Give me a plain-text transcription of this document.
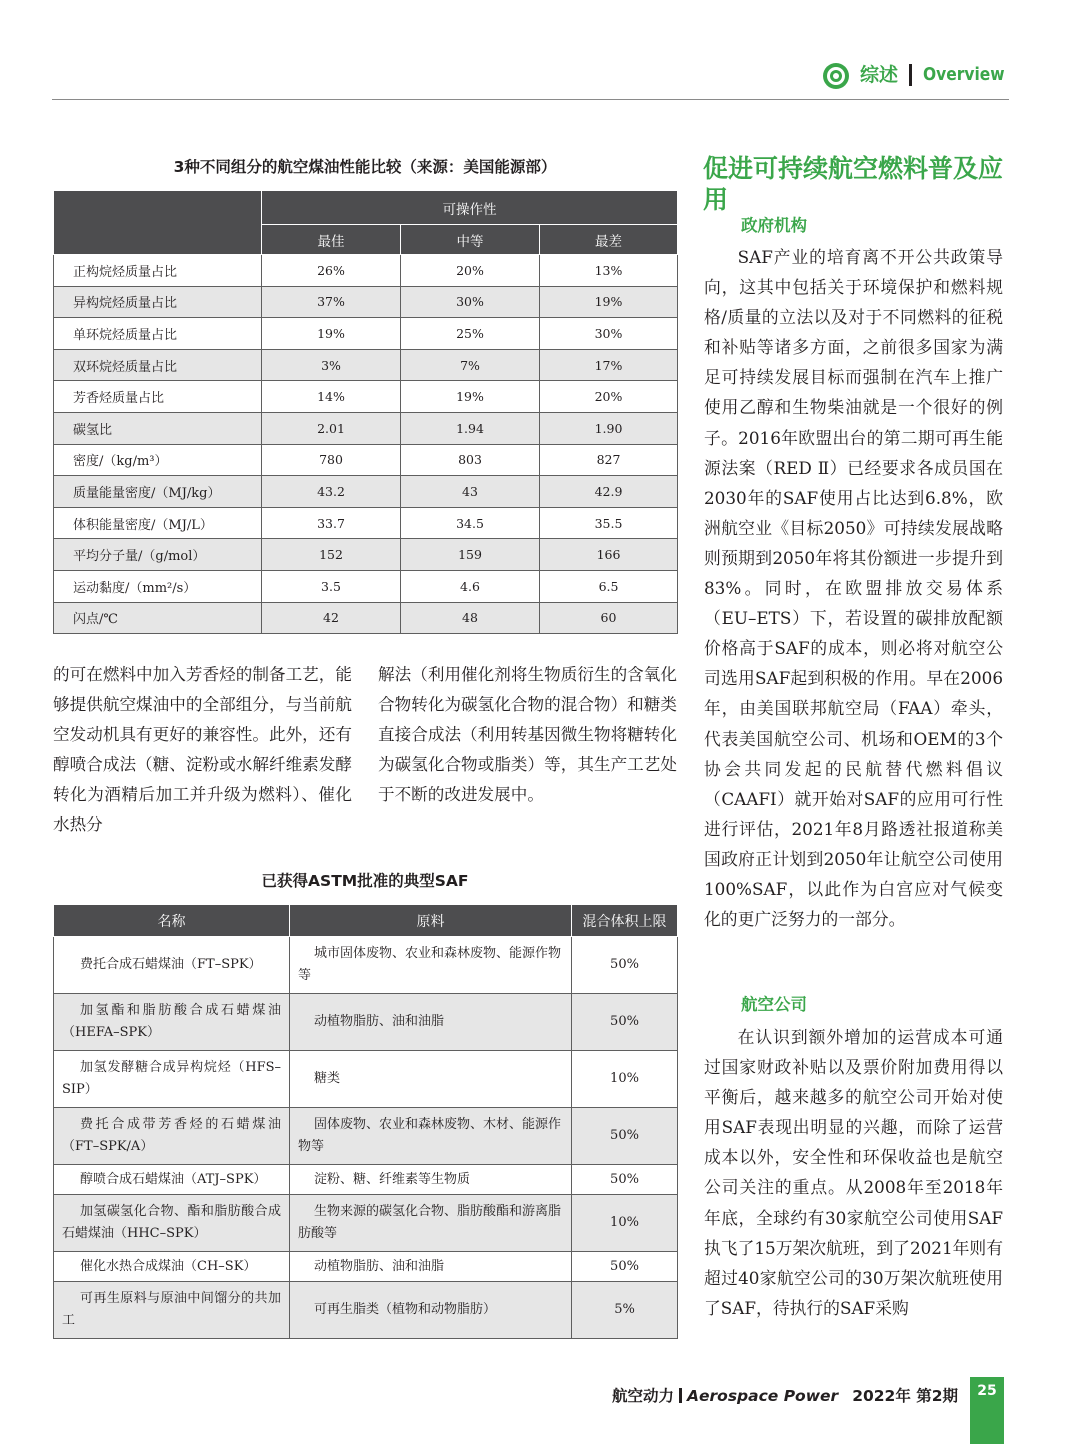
综述 Overview
3种不同组分的航空煤油性能比较（来源：美国能源部）
	可操作性		
	最佳	中等	最差
正构烷烃质量占比	26%	20%	13%
异构烷烃质量占比	37%	30%	19%
单环烷烃质量占比	19%	25%	30%
双环烷烃质量占比	3%	7%	17%
芳香烃质量占比	14%	19%	20%
碳氢比	2.01	1.94	1.90
密度/（kg/m³）	780	803	827
质量能量密度/（MJ/kg）	43.2	43	42.9
体积能量密度/（MJ/L）	33.7	34.5	35.5
平均分子量/（g/mol）	152	159	166
运动黏度/（mm²/s）	3.5	4.6	6.5
闪点/℃	42	48	60

的可在燃料中加入芳香烃的制备工艺，能够提供航空煤油中的全部组分，与当前航空发动机具有更好的兼容性。此外，还有醇喷合成法（糖、淀粉或水解纤维素发酵转化为酒精后加工并升级为燃料）、催化水热分

解法（利用催化剂将生物质衍生的含氧化合物转化为碳氢化合物的混合物）和糖类直接合成法（利用转基因微生物将糖转化为碳氢化合物或脂类）等，其生产工艺处于不断的改进发展中。

已获得ASTM批准的典型SAF
名称	原料	混合体积上限
费托合成石蜡煤油（FT–SPK）	城市固体废物、农业和森林废物、能源作物等	50%
加氢酯和脂肪酸合成石蜡煤油（HEFA–SPK）	动植物脂肪、油和油脂	50%
加氢发酵糖合成异构烷烃（HFS–SIP）	糖类	10%
费托合成带芳香烃的石蜡煤油（FT–SPK/A）	固体废物、农业和森林废物、木材、能源作物等	50%
醇喷合成石蜡煤油（ATJ–SPK）	淀粉、糖、纤维素等生物质	50%
加氢碳氢化合物、酯和脂肪酸合成石蜡煤油（HHC–SPK）	生物来源的碳氢化合物、脂肪酸酯和游离脂肪酸等	10%
催化水热合成煤油（CH–SK）	动植物脂肪、油和油脂	50%
可再生原料与原油中间馏分的共加工	可再生脂类（植物和动物脂肪）	5%
促进可持续航空燃料普及应用
政府机构

SAF产业的培育离不开公共政策导向，这其中包括关于环境保护和燃料规格/质量的立法以及对于不同燃料的征税和补贴等诸多方面，之前很多国家为满足可持续发展目标而强制在汽车上推广使用乙醇和生物柴油就是一个很好的例子。2016年欧盟出台的第二期可再生能源法案（RED Ⅱ）已经要求各成员国在2030年的SAF使用占比达到6.8%，欧洲航空业《目标2050》可持续发展战略则预期到2050年将其份额进一步提升到83%。同时，在欧盟排放交易体系（EU–ETS）下，若设置的碳排放配额价格高于SAF的成本，则必将对航空公司选用SAF起到积极的作用。早在2006年，由美国联邦航空局（FAA）牵头，代表美国航空公司、机场和OEM的3个协会共同发起的民航替代燃料倡议（CAAFI）就开始对SAF的应用可行性进行评估，2021年8月路透社报道称美国政府正计划到2050年让航空公司使用100%SAF，以此作为白宫应对气候变化的更广泛努力的一部分。

航空公司

在认识到额外增加的运营成本可通过国家财政补贴以及票价附加费用得以平衡后，越来越多的航空公司开始对使用SAF表现出明显的兴趣，而除了运营成本以外，安全性和环保收益也是航空公司关注的重点。从2008年至2018年年底，全球约有30家航空公司使用SAF执飞了15万架次航班，到了2021年则有超过40家航空公司的30万架次航班使用了SAF，待执行的SAF采购

航空动力 Aerospace Power 2022年 第2期	25
